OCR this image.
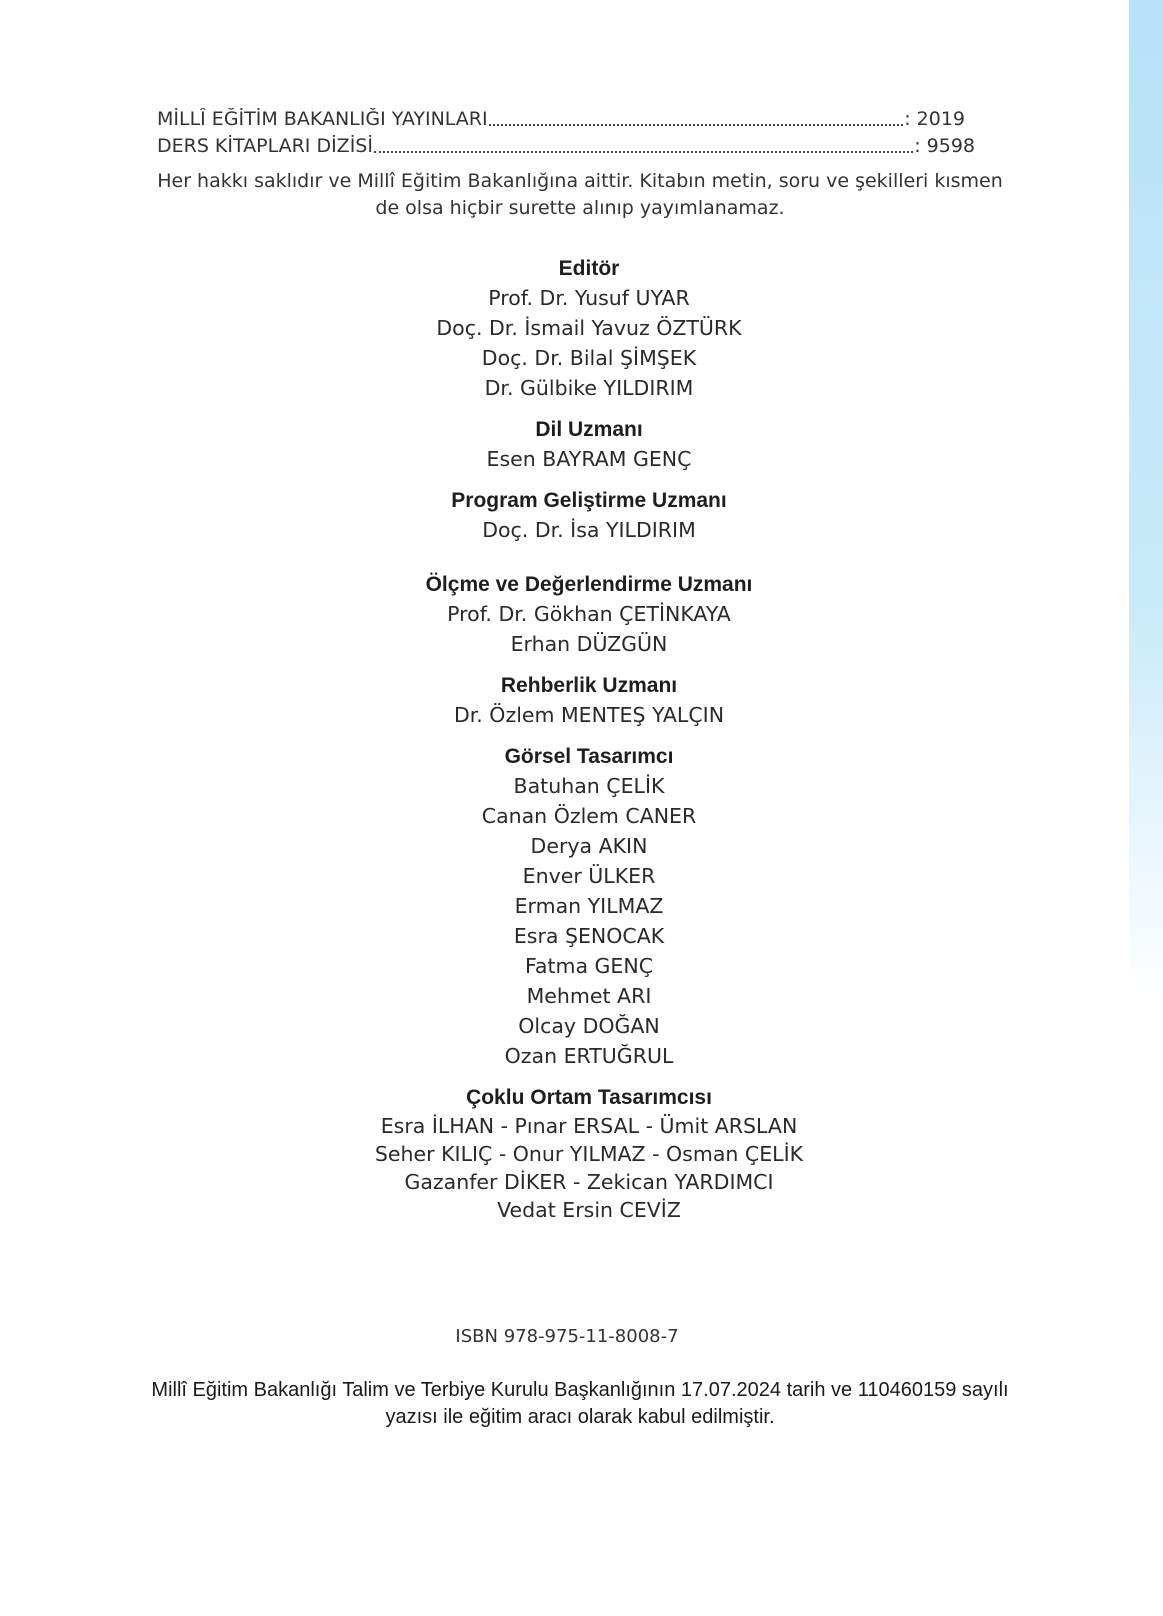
MİLLÎ EĞİTİM BAKANLIĞI YAYINLARI	: 2019
DERS KİTAPLARI DİZİSİ	: 9598
Her hakkı saklıdır ve Millî Eğitim Bakanlığına aittir. Kitabın metin, soru ve şekilleri kısmen de olsa hiçbir surette alınıp yayımlanamaz.
Editör
Prof. Dr. Yusuf UYAR
Doç. Dr. İsmail Yavuz ÖZTÜRK
Doç. Dr. Bilal ŞİMŞEK
Dr. Gülbike YILDIRIM
Dil Uzmanı
Esen BAYRAM GENÇ
Program Geliştirme Uzmanı
Doç. Dr. İsa YILDIRIM
Ölçme ve Değerlendirme Uzmanı
Prof. Dr. Gökhan ÇETİNKAYA
Erhan DÜZGÜN
Rehberlik Uzmanı
Dr. Özlem MENTEŞ YALÇIN
Görsel Tasarımcı
Batuhan ÇELİK
Canan Özlem CANER
Derya AKIN
Enver ÜLKER
Erman YILMAZ
Esra ŞENOCAK
Fatma GENÇ
Mehmet ARI
Olcay DOĞAN
Ozan ERTUĞRUL
Çoklu Ortam Tasarımcısı
Esra İLHAN - Pınar ERSAL - Ümit ARSLAN
Seher KILIÇ - Onur YILMAZ - Osman ÇELİK
Gazanfer DİKER - Zekican YARDIMCI
Vedat Ersin CEVİZ
ISBN 978-975-11-8008-7
Millî Eğitim Bakanlığı Talim ve Terbiye Kurulu Başkanlığının 17.07.2024 tarih ve 110460159 sayılı yazısı ile eğitim aracı olarak kabul edilmiştir.
